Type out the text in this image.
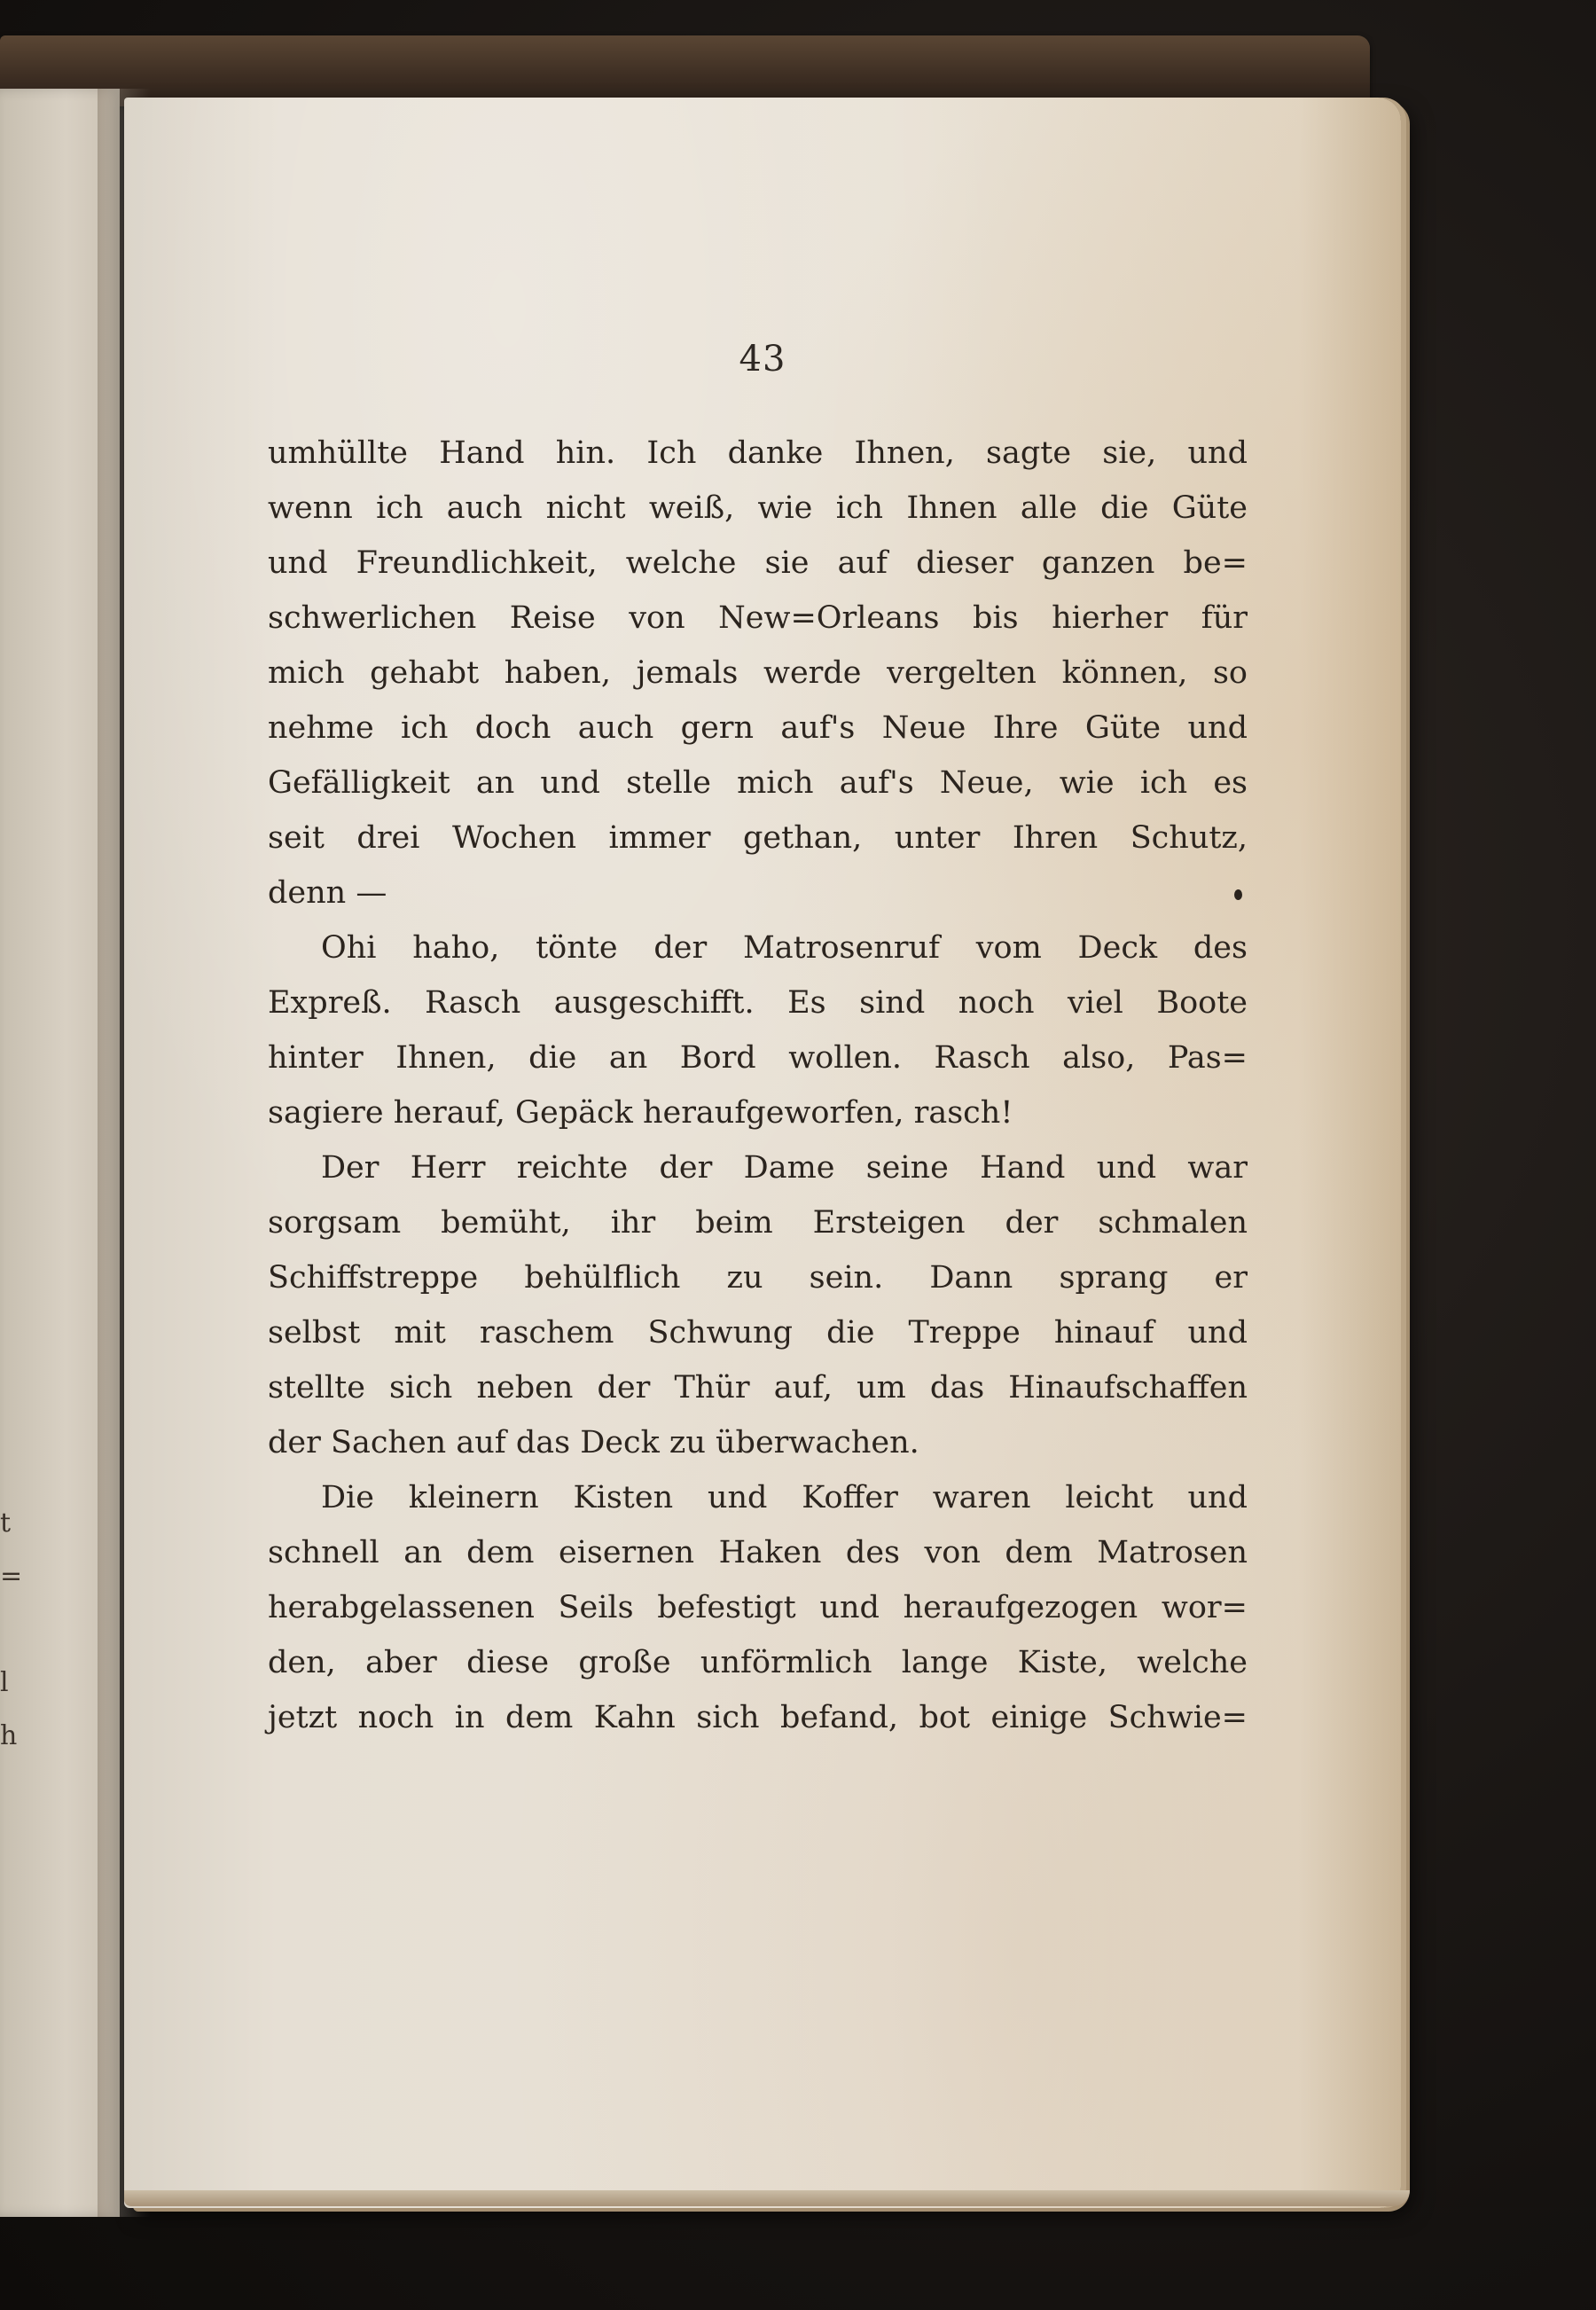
t
=
l
h
43
umhüllte Hand hin. Ich danke Ihnen, sagte sie, und
wenn ich auch nicht weiß, wie ich Ihnen alle die Güte
und Freundlichkeit, welche sie auf dieser ganzen be=
schwerlichen Reise von New=Orleans bis hierher für
mich gehabt haben, jemals werde vergelten können, so
nehme ich doch auch gern auf's Neue Ihre Güte und
Gefälligkeit an und stelle mich auf's Neue, wie ich es
seit drei Wochen immer gethan, unter Ihren Schutz,
denn —
Ohi haho, tönte der Matrosenruf vom Deck des
Expreß. Rasch ausgeschifft. Es sind noch viel Boote
hinter Ihnen, die an Bord wollen. Rasch also, Pas=
sagiere herauf, Gepäck heraufgeworfen, rasch!
Der Herr reichte der Dame seine Hand und war
sorgsam bemüht, ihr beim Ersteigen der schmalen
Schiffstreppe behülflich zu sein. Dann sprang er
selbst mit raschem Schwung die Treppe hinauf und
stellte sich neben der Thür auf, um das Hinaufschaffen
der Sachen auf das Deck zu überwachen.
Die kleinern Kisten und Koffer waren leicht und
schnell an dem eisernen Haken des von dem Matrosen
herabgelassenen Seils befestigt und heraufgezogen wor=
den, aber diese große unförmlich lange Kiste, welche
jetzt noch in dem Kahn sich befand, bot einige Schwie=
